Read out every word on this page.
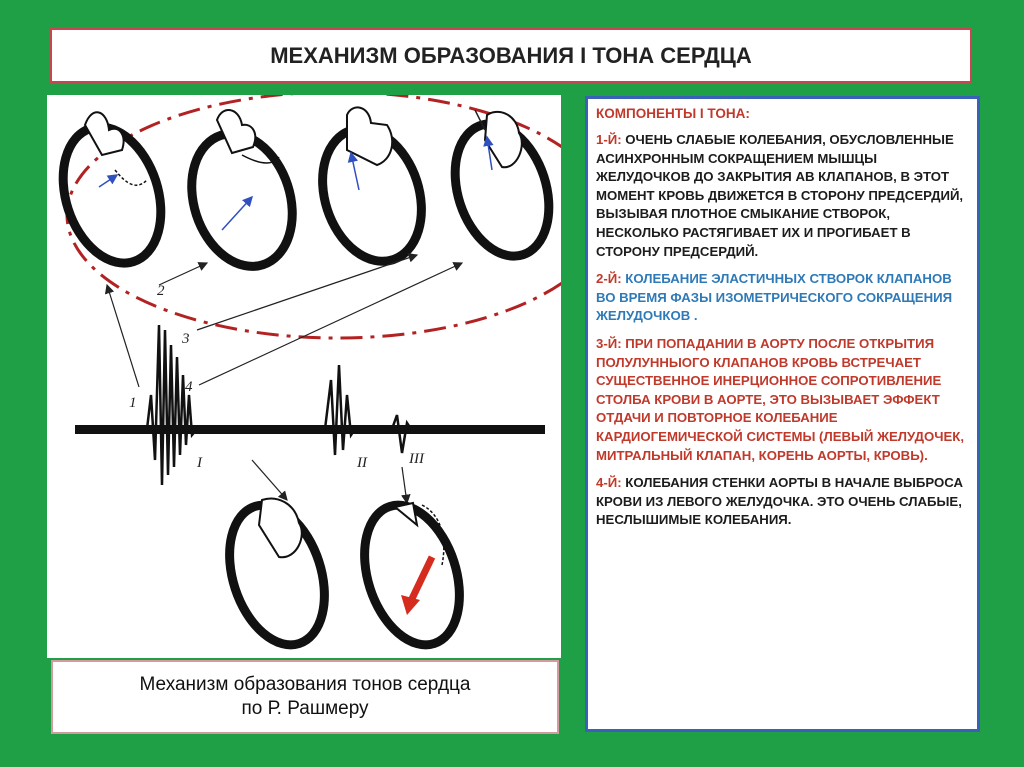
МЕХАНИЗМ ОБРАЗОВАНИЯ I ТОНА СЕРДЦА
1
2
3
4
I	II	III
Механизм образования тонов сердца
по Р. Рашмеру
КОМПОНЕНТЫ I ТОНА:
1-Й: ОЧЕНЬ СЛАБЫЕ КОЛЕБАНИЯ, ОБУСЛОВЛЕННЫЕ АСИНХРОННЫМ СОКРАЩЕНИЕМ МЫШЦЫ ЖЕЛУДОЧКОВ ДО ЗАКРЫТИЯ АВ КЛАПАНОВ, В ЭТОТ МОМЕНТ КРОВЬ ДВИЖЕТСЯ В СТОРОНУ ПРЕДСЕРДИЙ, ВЫЗЫВАЯ ПЛОТНОЕ СМЫКАНИЕ СТВОРОК, НЕСКОЛЬКО РАСТЯГИВАЕТ ИХ И ПРОГИБАЕТ В СТОРОНУ ПРЕДСЕРДИЙ.
2-Й: КОЛЕБАНИЕ ЭЛАСТИЧНЫХ СТВОРОК КЛАПАНОВ ВО ВРЕМЯ ФАЗЫ ИЗОМЕТРИЧЕСКОГО СОКРАЩЕНИЯ ЖЕЛУДОЧКОВ .
3-Й: ПРИ ПОПАДАНИИ В АОРТУ ПОСЛЕ ОТКРЫТИЯ ПОЛУЛУННЫОГО КЛАПАНОВ КРОВЬ ВСТРЕЧАЕТ СУЩЕСТВЕННОЕ ИНЕРЦИОННОЕ СОПРОТИВЛЕНИЕ СТОЛБА КРОВИ В АОРТЕ, ЭТО ВЫЗЫВАЕТ ЭФФЕКТ ОТДАЧИ И ПОВТОРНОЕ КОЛЕБАНИЕ КАРДИОГЕМИЧЕСКОЙ СИСТЕМЫ (ЛЕВЫЙ ЖЕЛУДОЧЕК, МИТРАЛЬНЫЙ КЛАПАН, КОРЕНЬ АОРТЫ, КРОВЬ).
4-Й: КОЛЕБАНИЯ СТЕНКИ АОРТЫ В НАЧАЛЕ ВЫБРОСА КРОВИ ИЗ ЛЕВОГО ЖЕЛУДОЧКА. ЭТО ОЧЕНЬ СЛАБЫЕ, НЕСЛЫШИМЫЕ КОЛЕБАНИЯ.
